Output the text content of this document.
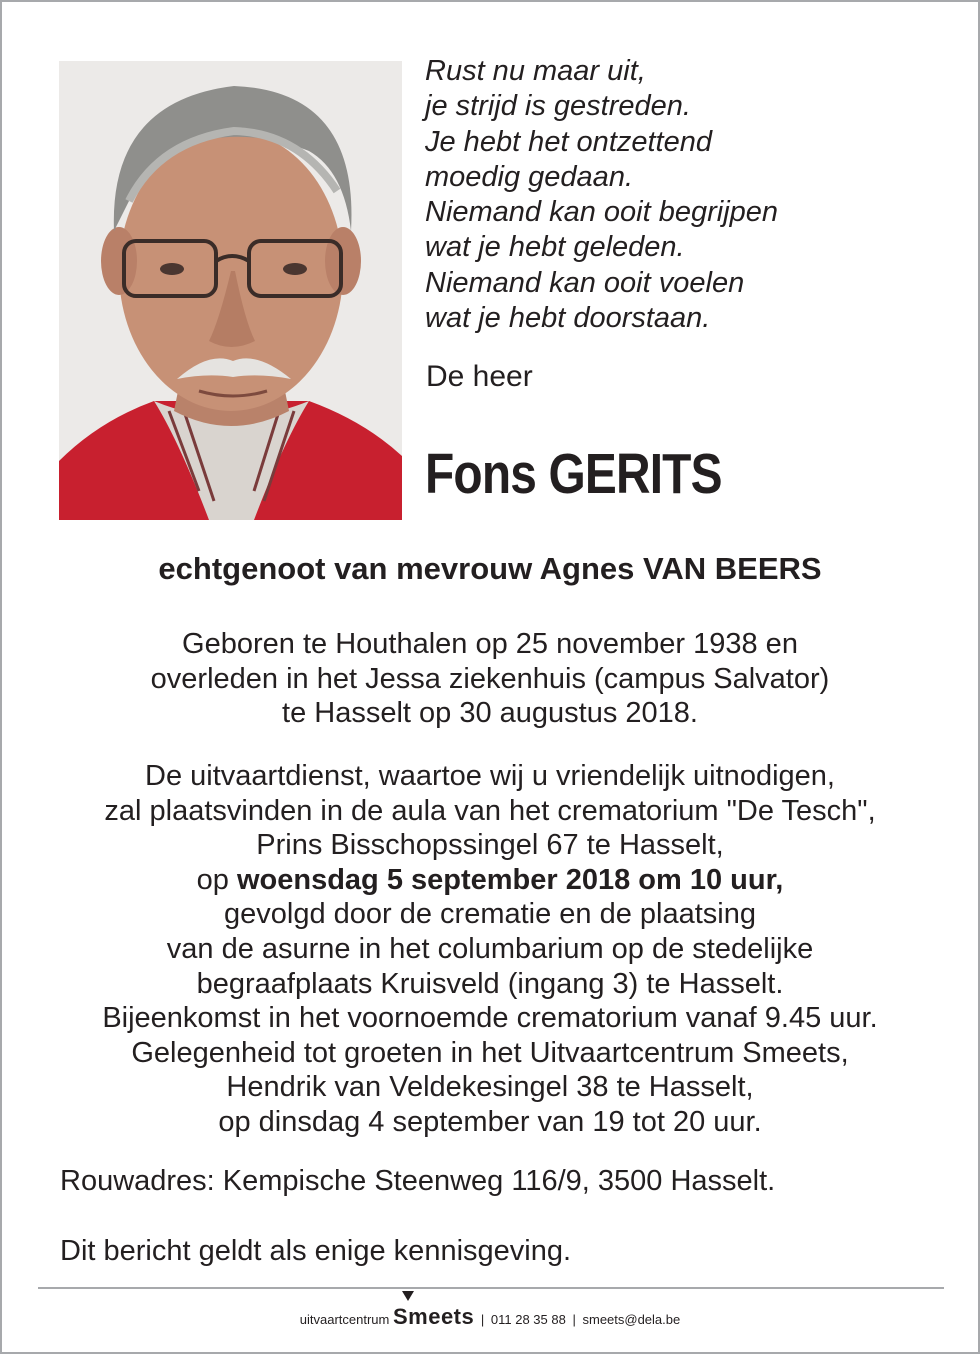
Rust nu maar uit,
je strijd is gestreden.
Je hebt het ontzettend
moedig gedaan.
Niemand kan ooit begrijpen
wat je hebt geleden.
Niemand kan ooit voelen
wat je hebt doorstaan.
De heer
Fons GERITS
echtgenoot van mevrouw Agnes VAN BEERS
Geboren te Houthalen op 25 november 1938 en
overleden in het Jessa ziekenhuis (campus Salvator)
te Hasselt op 30 augustus 2018.
De uitvaartdienst, waartoe wij u vriendelijk uitnodigen,
zal plaatsvinden in de aula van het crematorium "De Tesch",
Prins Bisschopssingel 67 te Hasselt,
op woensdag 5 september 2018 om 10 uur,
gevolgd door de crematie en de plaatsing
van de asurne in het columbarium op de stedelijke
begraafplaats Kruisveld (ingang 3) te Hasselt.
Bijeenkomst in het voornoemde crematorium vanaf 9.45 uur.
Gelegenheid tot groeten in het Uitvaartcentrum Smeets,
Hendrik van Veldekesingel 38 te Hasselt,
op dinsdag 4 september van 19 tot 20 uur.
Rouwadres: Kempische Steenweg 116/9, 3500 Hasselt.
Dit bericht geldt als enige kennisgeving.
uitvaartcentrum Smeets | 011 28 35 88 | smeets@dela.be
